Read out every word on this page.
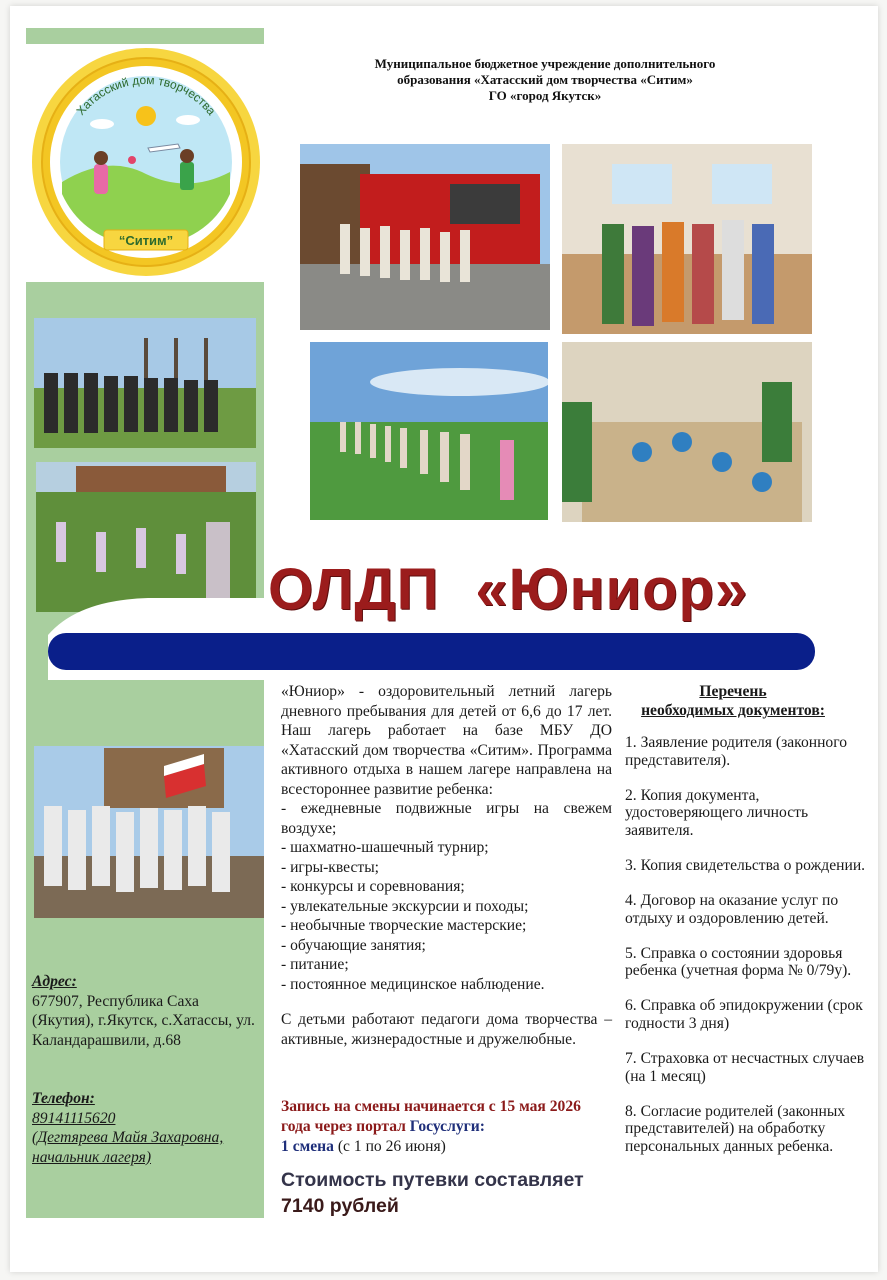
Хатасский дом творчества
“Ситим”
Муниципальное бюджетное учреждение дополнительного
образования «Хатасский дом творчества «Ситим»
ГО «город Якутск»
ОЛДП «Юниор»

«Юниор» - оздоровительный летний лагерь дневного пребывания для детей от 6,6 до 17 лет. Наш лагерь работает на базе МБУ ДО «Хатасский дом творчества «Ситим». Программа активного отдыха в нашем лагере направлена на всестороннее развитие ребенка:

- ежедневные подвижные игры на свежем воздухе;
- шахматно-шашечный турнир;
- игры-квесты;
- конкурсы и соревнования;
- увлекательные экскурсии и походы;
- необычные творческие мастерские;
- обучающие занятия;
- питание;
- постоянное медицинское наблюдение.

С детьми работают педагоги дома творчества – активные, жизнерадостные и дружелюбные.

Запись на смены начинается с 15 мая 2026 года через портал Госуслуги:
1 смена (с 1 по 26 июня)
Стоимость путевки составляет
7140 рублей
Перечень
необходимых документов:
1. Заявление родителя (законного представителя).
2. Копия документа, удостоверяющего личность заявителя.
3. Копия свидетельства о рождении.
4. Договор на оказание услуг по отдыху и оздоровлению детей.
5. Справка о состоянии здоровья ребенка (учетная форма № 0/79у).
6. Справка об эпидокружении (срок годности 3 дня)
7. Страховка от несчастных случаев (на 1 месяц)
8. Согласие родителей (законных представителей) на обработку персональных данных ребенка.
Адрес:
677907, Республика Саха (Якутия), г.Якутск, с.Хатассы, ул. Каландарашвили, д.68
Телефон:
89141115620
(Дегтярева Майя Захаровна, начальник лагеря)
